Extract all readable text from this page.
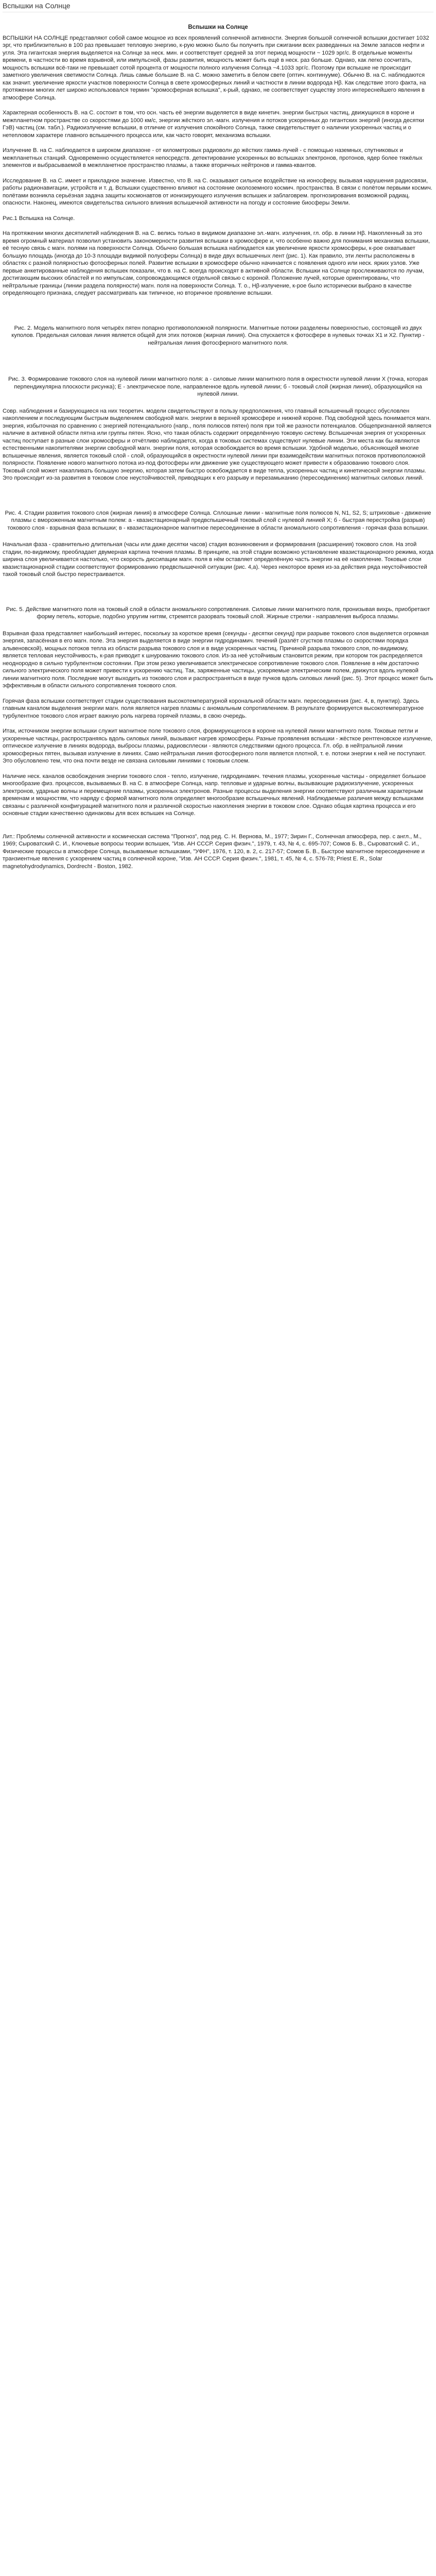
Вспышки на Солнце
Вспышки на Солнце

ВСПЫШКИ НА СОЛНЦЕ представляют собой самое мощное из всех проявлений солнечной активности. Энергия большой солнечной вспышки достигает 1032 эрг, что приблизительно в 100 раз превышает тепловую энергию, к-рую можно было бы получить при сжигании всех разведанных на Земле запасов нефти и угля. Эта гигантская энергия выделяется на Солнце за неск. мин. и соответствует средней за этот период мощности ~ 1029 эрг/с. В отдельные моменты времени, в частности во время взрывной, или импульсной, фазы развития, мощность может быть ещё в неск. раз больше. Однако, как легко сосчитать, мощность вспышки всё-таки не превышает сотой процента от мощности полного излучения Солнца ~4.1033 эрг/с. Поэтому при вспышке не происходит заметного увеличения светимости Солнца. Лишь самые большие В. на С. можно заметить в белом свете (оптич. континууме). Обычно В. на С. наблюдаются как значит. увеличение яркости участков поверхности Солнца в свете хромосферных линий и частности в линии водорода Нβ. Как следствие этого факта, на протяжении многих лет широко использовался термин "хромосферная вспышка", к-рый, однако, не соответствует существу этого интереснейшего явления в атмосфере Солнца.

Характерная особенность В. на С. состоит в том, что осн. часть её энергии выделяется в виде кинетич. энергии быстрых частиц, движущихся в короне и межпланетном пространстве со скоростями до 1000 км/с, энергии жёсткого эл.-магн. излучения и потоков ускоренных до гигантских энергий (иногда десятки ГэВ) частиц (см. табл.). Радиоизлучение вспышки, в отличие от излучения спокойного Солнца, также свидетельствует о наличии ускоренных частиц и о нетепловом характере главного вспышечного процесса или, как часто говорят, механизма вспышки.

Излучение В. на С. наблюдается в широком диапазоне - от километровых радиоволн до жёстких гамма-лучей - с помощью наземных, спутниковых и межпланетных станций. Одновременно осуществляется непосредств. детектирование ускоренных во вспышках электронов, протонов, ядер более тяжёлых элементов и выбрасываемой в межпланетное пространство плазмы, а также вторичных нейтронов и гамма-квантов.

Исследование В. на С. имеет и прикладное значение. Известно, что В. на С. оказывают сильное воздействие на ионосферу, вызывая нарушения радиосвязи, работы радионавигации, устройств и т. д. Вспышки существенно влияют на состояние околоземного космич. пространства. В связи с полётом первыми космич. полётами возникла серьёзная задача защиты космонавтов от ионизирующего излучения вспышек и заблаговрем. прогнозирования возможной радиац. опасности. Наконец, имеются свидетельства сильного влияния вспышечной активности на погоду и состояние биосферы Земли.

Рис.1 Вспышка на Солнце.

На протяжении многих десятилетий наблюдения В. на С. велись только в видимом диапазоне эл.-магн. излучения, гл. обр. в линии Нβ. Накопленный за это время огромный материал позволил установить закономерности развития вспышки в хромосфере и, что особенно важно для понимания механизма вспышки, её тесную связь с магн. полями на поверхности Солнца. Обычно большая вспышка наблюдается как увеличение яркости хромосферы, к-рое охватывает большую площадь (иногда до 10-3 площади видимой полусферы Солнца) в виде двух вспышечных лент (рис. 1). Как правило, эти ленты расположены в областях с разной полярностью фотосферных полей. Развитие вспышки в хромосфере обычно начинается с появления одного или неск. ярких узлов. Уже первые анкетированные наблюдения вспышек показали, что в. на С. всегда происходят в активной области. Вспышки на Солнце прослеживаются по лучам, достигающим высоких областей и по импульсам, сопровождающимся отдельной связью с короной. Положение лучей, которые ориентированы, что нейтральные границы (линии раздела полярности) магн. поля на поверхности Солнца. Т. о., Нβ-излучение, к-рое было исторически выбрано в качестве определяющего признака, следует рассматривать как типичное, но вторичное проявление вспышки.

Рис. 2. Модель магнитного поля четырёх пятен попарно противоположной полярности. Магнитные потоки разделены поверхностью, состоящей из двух куполов. Предельная силовая линия является общей для этих потоков (жирная линия). Она спускается к фотосфере в нулевых точках X1 и X2. Пунктир - нейтральная линия фотосферного магнитного поля.

Рис. 3. Формирование токового слоя на нулевой линии магнитного поля: а - силовые линии магнитного поля в окрестности нулевой линии X (точка, которая перпендикулярна плоскости рисунка); Е - электрическое поле, направленное вдоль нулевой линии; б - токовый слой (жирная линия), образующийся на нулевой линии.

Совр. наблюдения и базирующиеся на них теоретич. модели свидетельствуют в пользу предположения, что главный вспышечный процесс обусловлен накоплением и последующим быстрым выделением свободной магн. энергии в верхней хромосфере и нижней короне. Под свободной здесь понимается магн. энергия, избыточная по сравнению с энергией потенциального (напр., поля полюсов пятен) поля при той же разности потенциалов. Общепризнанной является наличие в активной области пятна или группы пятен. Ясно, что такая область содержит определённую токовую систему. Вспышечная энергия от ускоренных частиц поступает в разные слои хромосферы и отчётливо наблюдается, когда в токовых системах существуют нулевые линии. Эти места как бы являются естественными накопителями энергии свободной магн. энергии поля, которая освобождается во время вспышки. Удобной моделью, объясняющей многие вспышечные явления, является токовый слой - слой, образующийся в окрестности нулевой линии при взаимодействии магнитных потоков противоположной полярности. Появление нового магнитного потока из-под фотосферы или движение уже существующего может привести к образованию токового слоя. Токовый слой может накапливать большую энергию, которая затем быстро освобождается в виде тепла, ускоренных частиц и кинетической энергии плазмы. Это происходит из-за развития в токовом слое неустойчивостей, приводящих к его разрыву и перезамыканию (пересоединению) магнитных силовых линий.

Рис. 4. Стадии развития токового слоя (жирная линия) в атмосфере Солнца. Сплошные линии - магнитные поля полюсов N, N1, S2, S; штриховые - движение плазмы с вмороженным магнитным полем: а - квазистационарный предвспышечный токовый слой с нулевой линией Х; б - быстрая перестройка (разрыв) токового слоя - взрывная фаза вспышки; в - квазистационарное магнитное пересоединение в области аномального сопротивления - горячая фаза вспышки.

Начальная фаза - сравнительно длительная (часы или даже десятки часов) стадия возникновения и формирования (расширения) токового слоя. На этой стадии, по-видимому, преобладает двумерная картина течения плазмы. В принципе, на этой стадии возможно установление квазистационарного режима, когда ширина слоя увеличивается настолько, что скорость диссипации магн. поля в нём оставляет определённую часть энергии на её накопление. Токовые слои квазистационарной стадии соответствуют формированию предвспышечной ситуации (рис. 4,а). Через некоторое время из-за действия ряда неустойчивостей такой токовый слой быстро перестраивается.

Рис. 5. Действие магнитного поля на токовый слой в области аномального сопротивления. Силовые линии магнитного поля, пронизывая вихрь, приобретают форму петель, которые, подобно упругим нитям, стремятся разорвать токовый слой. Жирные стрелки - направления выброса плазмы.

Взрывная фаза представляет наибольший интерес, поскольку за короткое время (секунды - десятки секунд) при разрыве токового слоя выделяется огромная энергия, запасённая в его магн. поле. Эта энергия выделяется в виде энергии гидродинамич. течений (разлёт сгустков плазмы со скоростями порядка альвеновской), мощных потоков тепла из области разрыва токового слоя и в виде ускоренных частиц. Причиной разрыва токового слоя, по-видимому, является тепловая неустойчивость, к-рая приводит к шнурованию токового слоя. Из-за неё устойчивым становится режим, при котором ток распределяется неоднородно в сильно турбулентном состоянии. При этом резко увеличивается электрическое сопротивление токового слоя. Появление в нём достаточно сильного электрического поля может привести к ускорению частиц. Так, заряженные частицы, ускоряемые электрическим полем, движутся вдоль нулевой линии магнитного поля. Последние могут выходить из токового слоя и распространяться в виде пучков вдоль силовых линий (рис. 5). Этот процесс может быть эффективным в области сильного сопротивления токового слоя.

Горячая фаза вспышки соответствует стадии существования высокотемпературной корональной области магн. пересоединения (рис. 4, в, пунктир). Здесь главным каналом выделения энергии магн. поля является нагрев плазмы с аномальным сопротивлением. В результате формируется высокотемпературное турбулентное токового слоя играет важную роль нагрева горячей плазмы, в свою очередь.

Итак, источником энергии вспышки служит магнитное поле токового слоя, формирующегося в короне на нулевой линии магнитного поля. Токовые петли и ускоренные частицы, распространяясь вдоль силовых линий, вызывают нагрев хромосферы. Разные проявления вспышки - жёсткое рентгеновское излучение, оптическое излучение в линиях водорода, выбросы плазмы, радиовсплески - являются следствиями одного процесса. Гл. обр. в нейтральной линии хромосферных пятен, вызывая излучение в линиях. Само нейтральная линия фотосферного поля является плотной, т. е. потоки энергии к ней не поступают. Это обусловлено тем, что она почти везде не связана силовыми линиями с токовым слоем.

Наличие неск. каналов освобождения энергии токового слоя - тепло, излучение, гидродинамич. течения плазмы, ускоренные частицы - определяет большое многообразие физ. процессов, вызываемых В. на С. в атмосфере Солнца, напр. тепловые и ударные волны, вызывающие радиоизлучение, ускоренных электронов, ударные волны и перемещение плазмы, ускоренных электронов. Разные процессы выделения энергии соответствуют различным характерным временам и мощностям, что наряду с формой магнитного поля определяет многообразие вспышечных явлений. Наблюдаемые различия между вспышками связаны с различной конфигурацией магнитного поля и различной скоростью накопления энергии в токовом слое. Однако общая картина процесса и его основные стадии качественно одинаковы для всех вспышек на Солнце.

Лит.: Проблемы солнечной активности и космическая система "Прогноз", под ред. С. Н. Вернова, М., 1977; Зирин Г., Солнечная атмосфера, пер. с англ., М., 1969; Сыроватский С. И., Ключевые вопросы теории вспышек, "Изв. АН СССР. Серия физич.", 1979, т. 43, № 4, с. 695-707; Сомов Б. В., Сыроватский С. И., Физические процессы в атмосфере Солнца, вызываемые вспышками, "УФН", 1976, т. 120, в. 2, с. 217-57; Сомов Б. В., Быстрое магнитное пересоединение и транзиентные явления с ускорением частиц в солнечной короне, "Изв. АН СССР. Серия физич.", 1981, т. 45, № 4, с. 576-78; Priest E. R., Solar magnetohydrodynamics, Dordrecht - Boston, 1982.
